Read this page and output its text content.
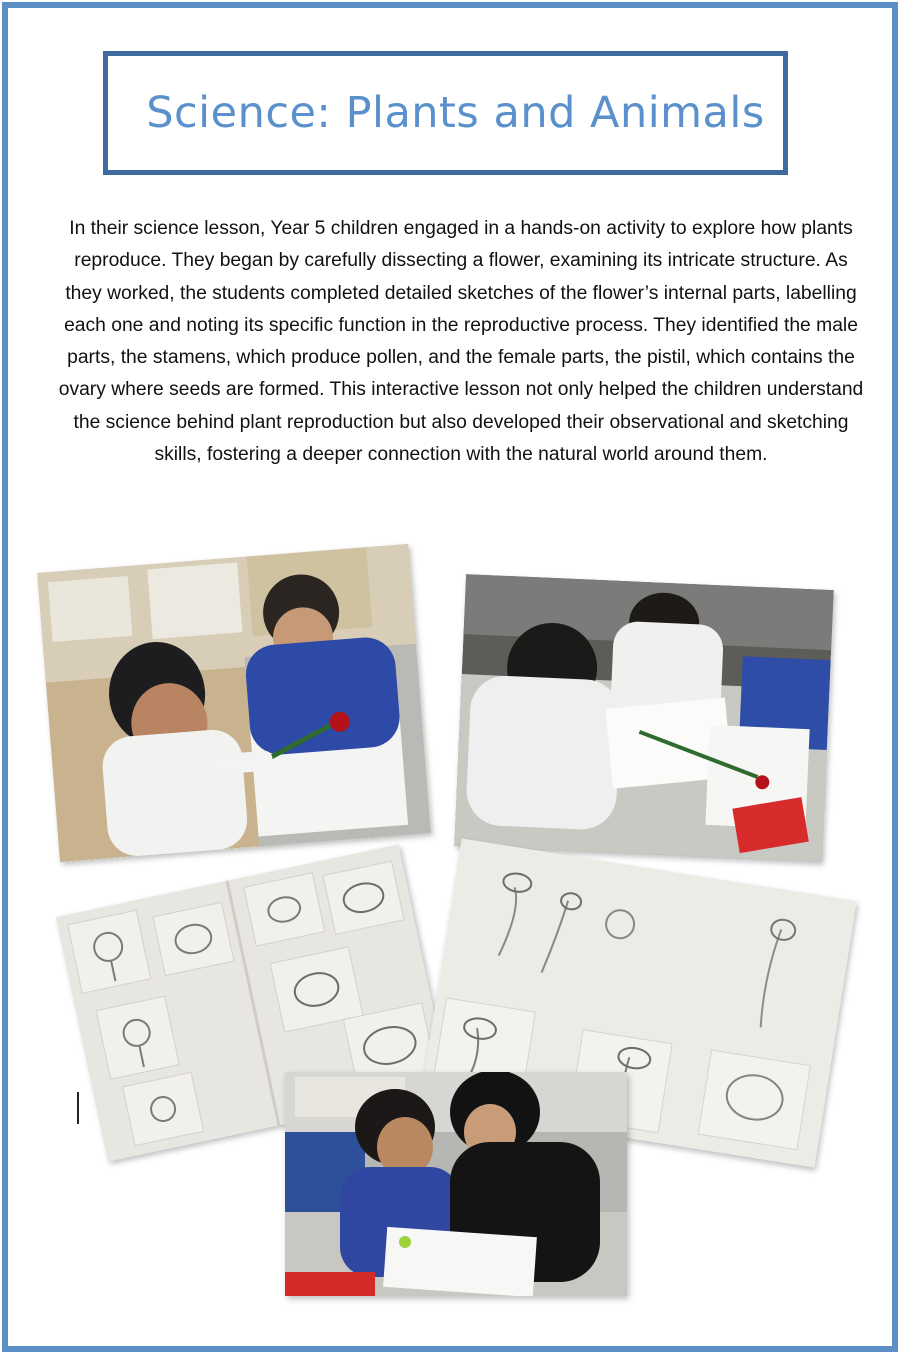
Science: Plants and Animals

In their science lesson, Year 5 children engaged in a hands-on activity to explore how plants reproduce. They began by carefully dissecting a flower, examining its intricate structure. As they worked, the students completed detailed sketches of the flower’s internal parts, labelling each one and noting its specific function in the reproductive process. They identified the male parts, the stamens, which produce pollen, and the female parts, the pistil, which contains the ovary where seeds are formed. This interactive lesson not only helped the children understand the science behind plant reproduction but also developed their observational and sketching skills, fostering a deeper connection with the natural world around them.
